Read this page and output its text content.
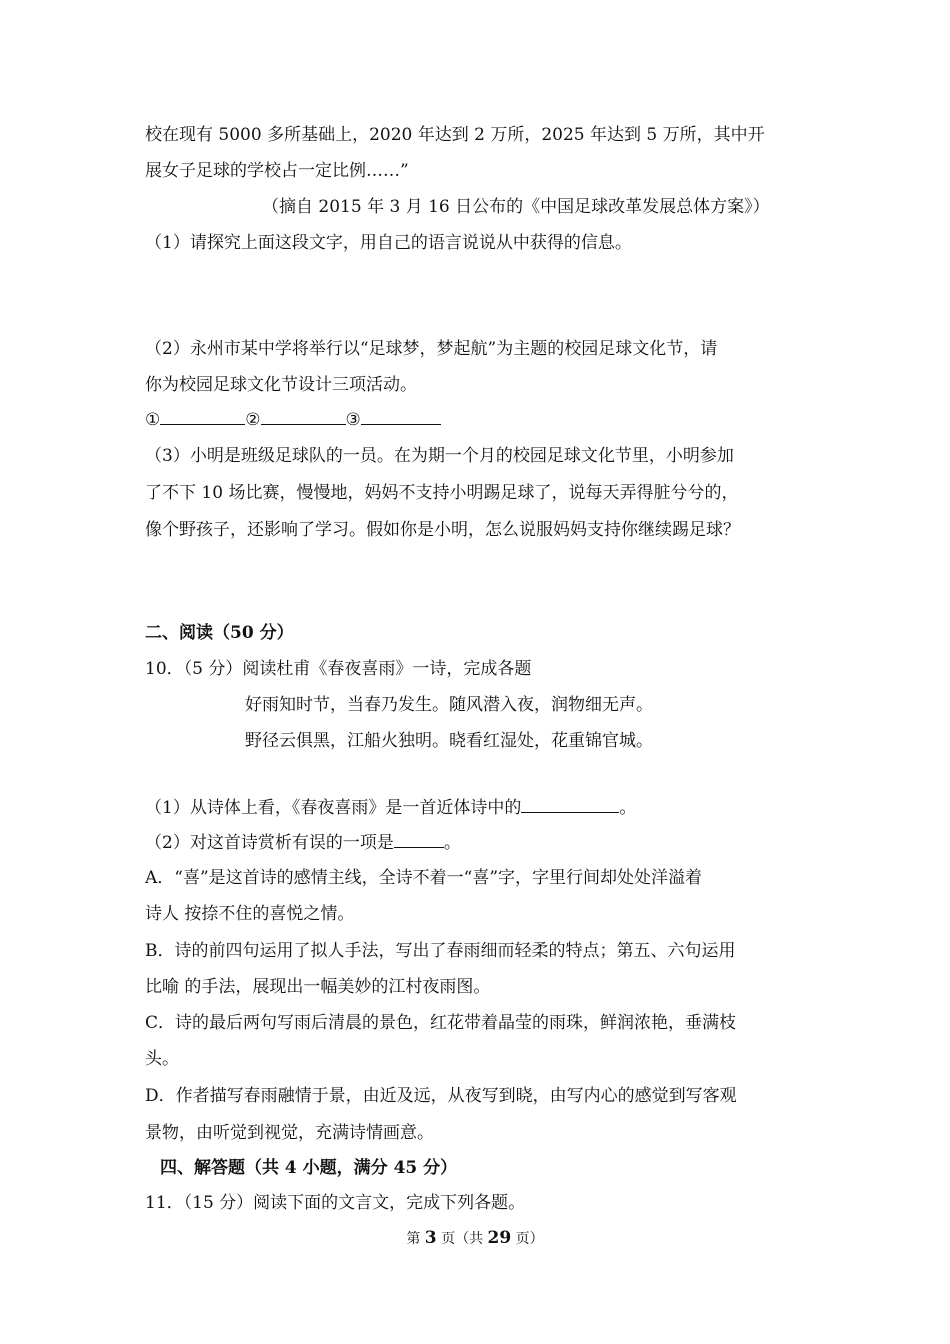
校在现有 5000 多所基础上，2020 年达到 2 万所，2025 年达到 5 万所，其中开
展女子足球的学校占一定比例……”
（摘自 2015 年 3 月 16 日公布的《中国足球改革发展总体方案》）
（1）请探究上面这段文字，用自己的语言说说从中获得的信息。
（2）永州市某中学将举行以“足球梦，梦起航”为主题的校园足球文化节，请
你为校园足球文化节设计三项活动。
①	②	③
（3）小明是班级足球队的一员。在为期一个月的校园足球文化节里，小明参加
了不下 10 场比赛，慢慢地，妈妈不支持小明踢足球了，说每天弄得脏兮兮的，
像个野孩子，还影响了学习。假如你是小明，怎么说服妈妈支持你继续踢足球？
二、阅读（50 分）
10．（5 分）阅读杜甫《春夜喜雨》一诗，完成各题
好雨知时节，当春乃发生。随风潜入夜，润物细无声。
野径云俱黑，江船火独明。晓看红湿处，花重锦官城。
（1）从诗体上看，《春夜喜雨》是一首近体诗中的	。
（2）对这首诗赏析有误的一项是	。
A．“喜”是这首诗的感情主线，全诗不着一“喜”字，字里行间却处处洋溢着
诗人 按捺不住的喜悦之情。
B．诗的前四句运用了拟人手法，写出了春雨细而轻柔的特点；第五、六句运用
比喻 的手法，展现出一幅美妙的江村夜雨图。
C．诗的最后两句写雨后清晨的景色，红花带着晶莹的雨珠，鲜润浓艳，垂满枝
头。
D．作者描写春雨融情于景，由近及远，从夜写到晓，由写内心的感觉到写客观
景物，由听觉到视觉，充满诗情画意。
四、解答题（共 4 小题，满分 45 分）
11．（15 分）阅读下面的文言文，完成下列各题。
第 3 页（共 29 页）
